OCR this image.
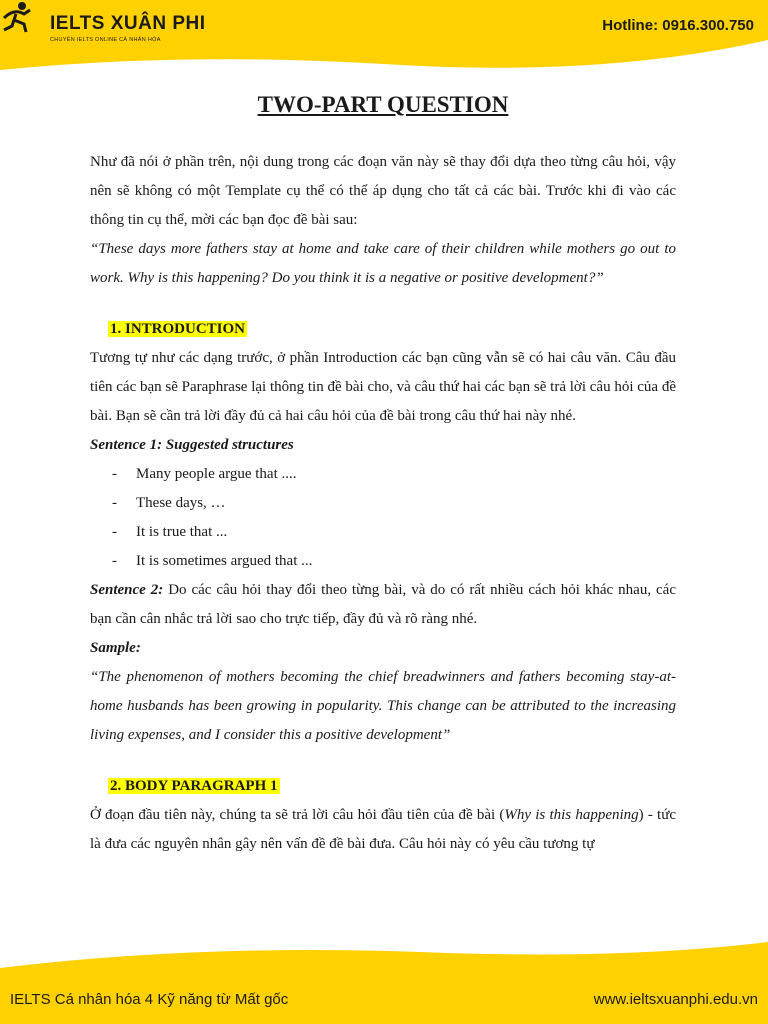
IELTS XUÂN PHI
CHUYÊN IELTS ONLINE CÁ NHÂN HÓA
Hotline: 0916.300.750
TWO-PART QUESTION

Như đã nói ở phần trên, nội dung trong các đoạn văn này sẽ thay đổi dựa theo từng câu hỏi, vậy nên sẽ không có một Template cụ thể có thể áp dụng cho tất cả các bài. Trước khi đi vào các thông tin cụ thể, mời các bạn đọc đề bài sau:

“These days more fathers stay at home and take care of their children while mothers go out to work. Why is this happening? Do you think it is a negative or positive development?”

1. INTRODUCTION

Tương tự như các dạng trước, ở phần Introduction các bạn cũng vẫn sẽ có hai câu văn. Câu đầu tiên các bạn sẽ Paraphrase lại thông tin đề bài cho, và câu thứ hai các bạn sẽ trả lời câu hỏi của đề bài. Bạn sẽ cần trả lời đầy đủ cả hai câu hỏi của đề bài trong câu thứ hai này nhé.

Sentence 1: Suggested structures
- Many people argue that ....
- These days, …
- It is true that ...
- It is sometimes argued that ...

Sentence 2: Do các câu hỏi thay đổi theo từng bài, và do có rất nhiều cách hỏi khác nhau, các bạn cần cân nhắc trả lời sao cho trực tiếp, đầy đủ và rõ ràng nhé.

Sample:

“The phenomenon of mothers becoming the chief breadwinners and fathers becoming stay-at-home husbands has been growing in popularity. This change can be attributed to the increasing living expenses, and I consider this a positive development”

2. BODY PARAGRAPH 1

Ở đoạn đầu tiên này, chúng ta sẽ trả lời câu hỏi đầu tiên của đề bài (Why is this happening) - tức là đưa các nguyên nhân gây nên vấn đề đề bài đưa. Câu hỏi này có yêu cầu tương tự

IELTS Cá nhân hóa 4 Kỹ năng từ Mất gốc	www.ieltsxuanphi.edu.vn
